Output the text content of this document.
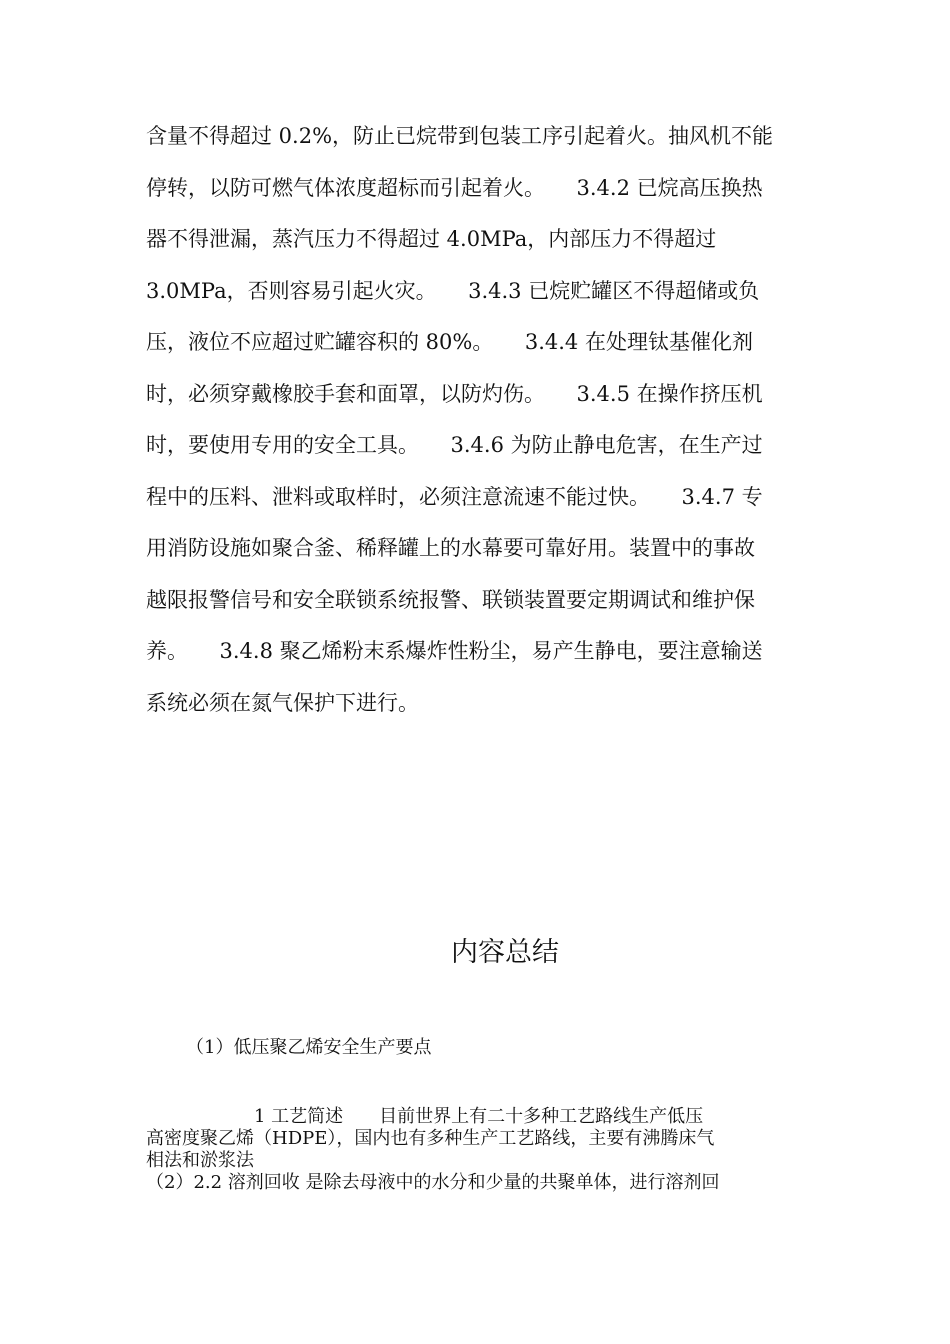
含量不得超过 0.2%，防止已烷带到包装工序引起着火。抽风机不能
停转，以防可燃气体浓度超标而引起着火。　　3.4.2 已烷高压换热
器不得泄漏，蒸汽压力不得超过 4.0MPa，内部压力不得超过
3.0MPa，否则容易引起火灾。　　3.4.3 已烷贮罐区不得超储或负
压，液位不应超过贮罐容积的 80%。　　3.4.4 在处理钛基催化剂
时，必须穿戴橡胶手套和面罩，以防灼伤。　　3.4.5 在操作挤压机
时，要使用专用的安全工具。　　3.4.6 为防止静电危害，在生产过
程中的压料、泄料或取样时，必须注意流速不能过快。　　3.4.7 专
用消防设施如聚合釜、稀释罐上的水幕要可靠好用。装置中的事故
越限报警信号和安全联锁系统报警、联锁装置要定期调试和维护保
养。　　3.4.8 聚乙烯粉末系爆炸性粉尘，易产生静电，要注意输送
系统必须在氮气保护下进行。
内容总结
（1）低压聚乙烯安全生产要点
　　　　　　1 工艺简述　　目前世界上有二十多种工艺路线生产低压
高密度聚乙烯（HDPE），国内也有多种生产工艺路线，主要有沸腾床气
相法和淤浆法
（2）2.2 溶剂回收 是除去母液中的水分和少量的共聚单体，进行溶剂回
